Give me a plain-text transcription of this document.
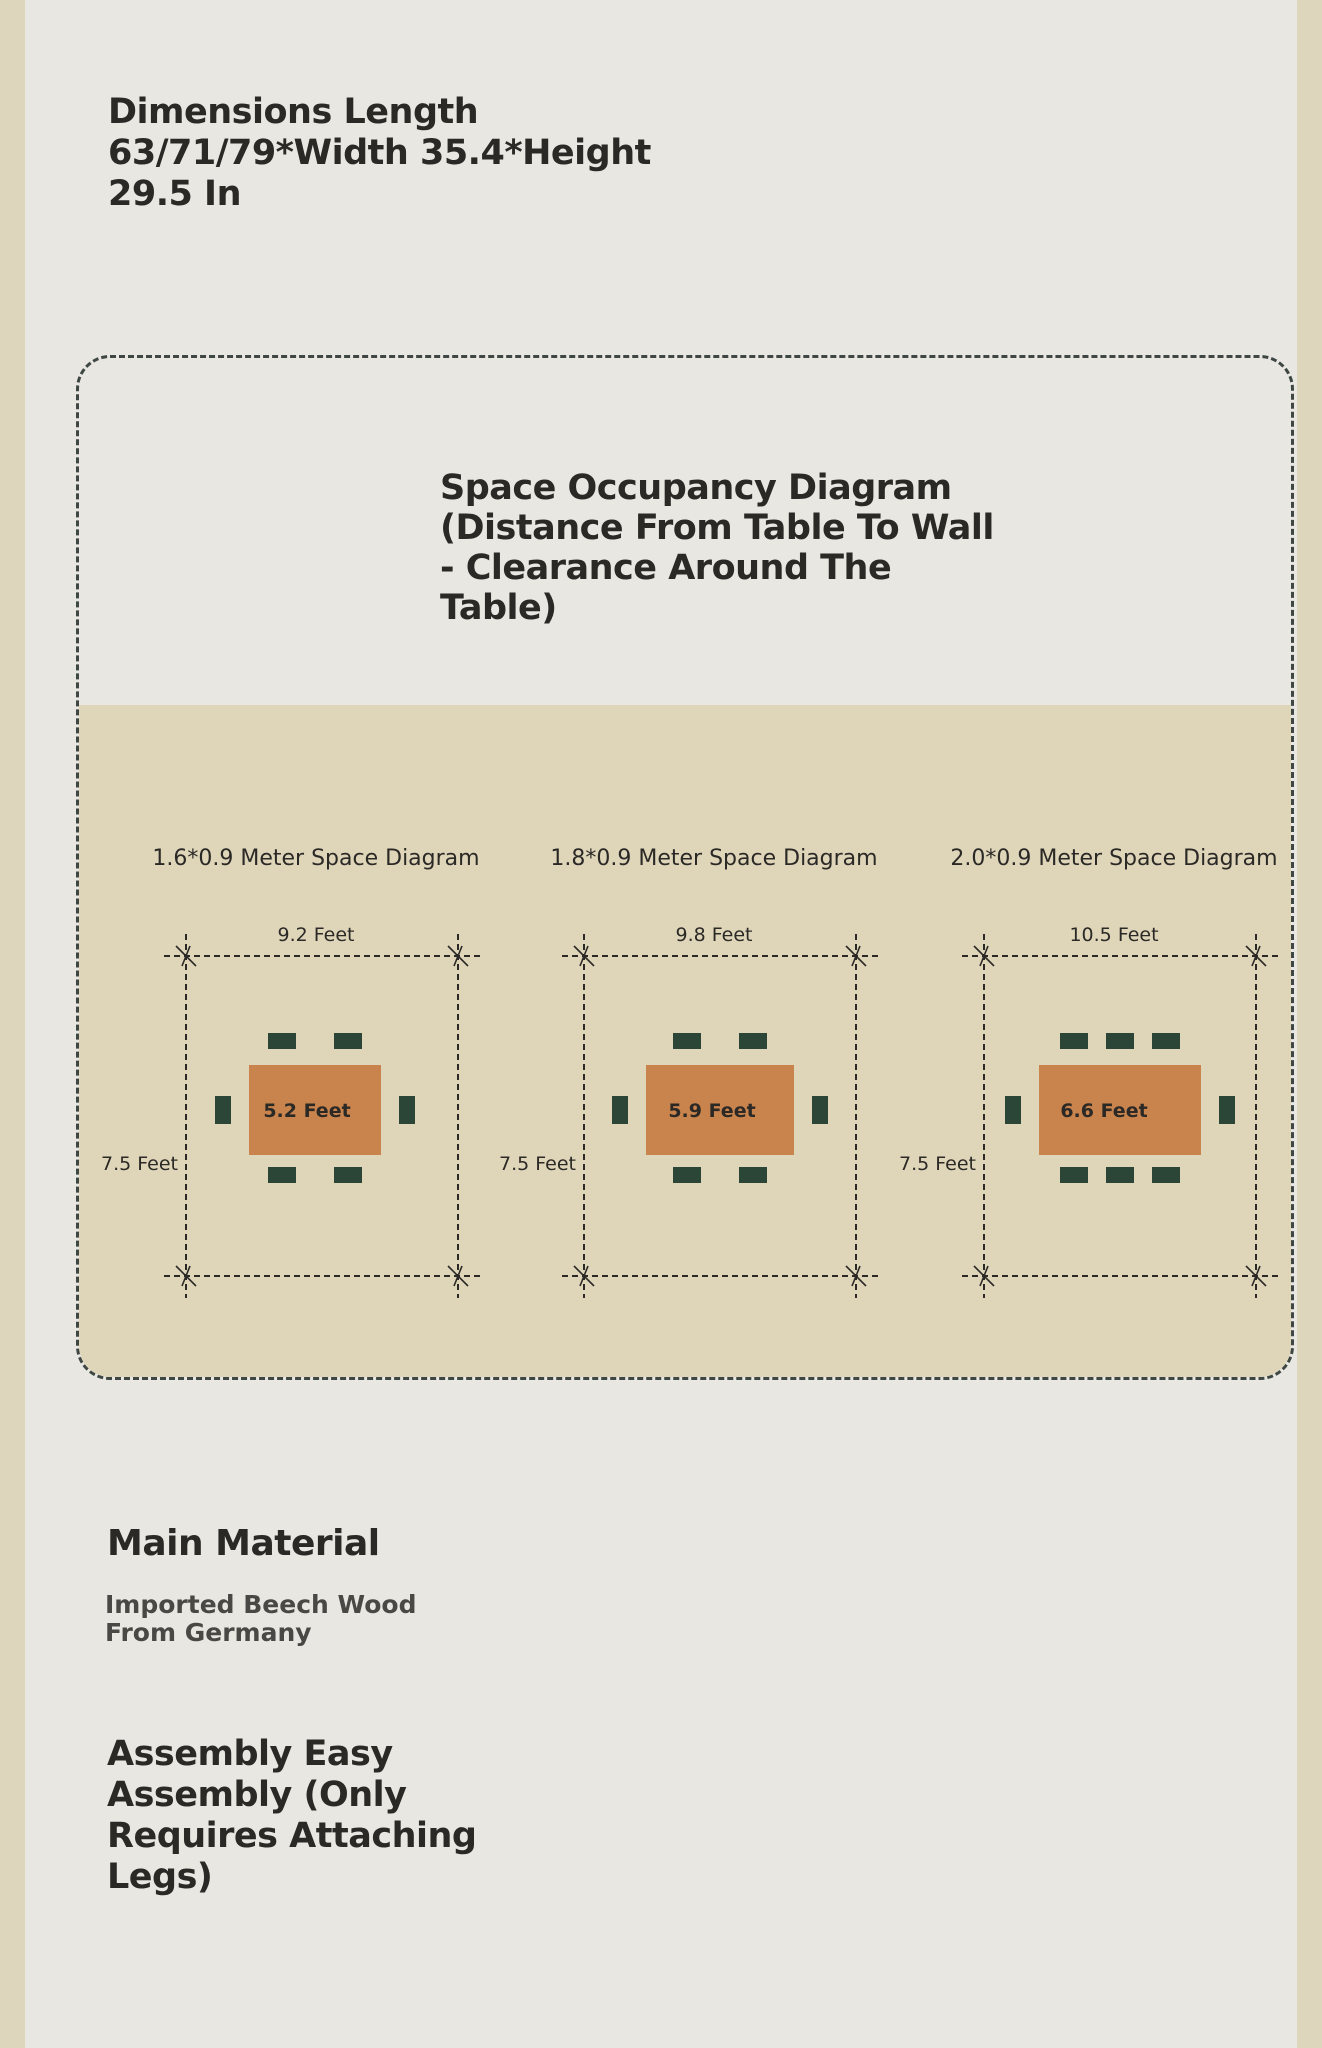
Dimensions Length 63/71/79*Width 35.4*Height 29.5 In
Space Occupancy Diagram (Distance From Table To Wall - Clearance Around The Table)
1.6*0.9 Meter Space Diagram
9.2 Feet
7.5 Feet
5.2 Feet
1.8*0.9 Meter Space Diagram
9.8 Feet
7.5 Feet
5.9 Feet
2.0*0.9 Meter Space Diagram
10.5 Feet
7.5 Feet
6.6 Feet
Main Material
Imported Beech Wood From Germany
Assembly Easy Assembly (Only Requires Attaching Legs)
